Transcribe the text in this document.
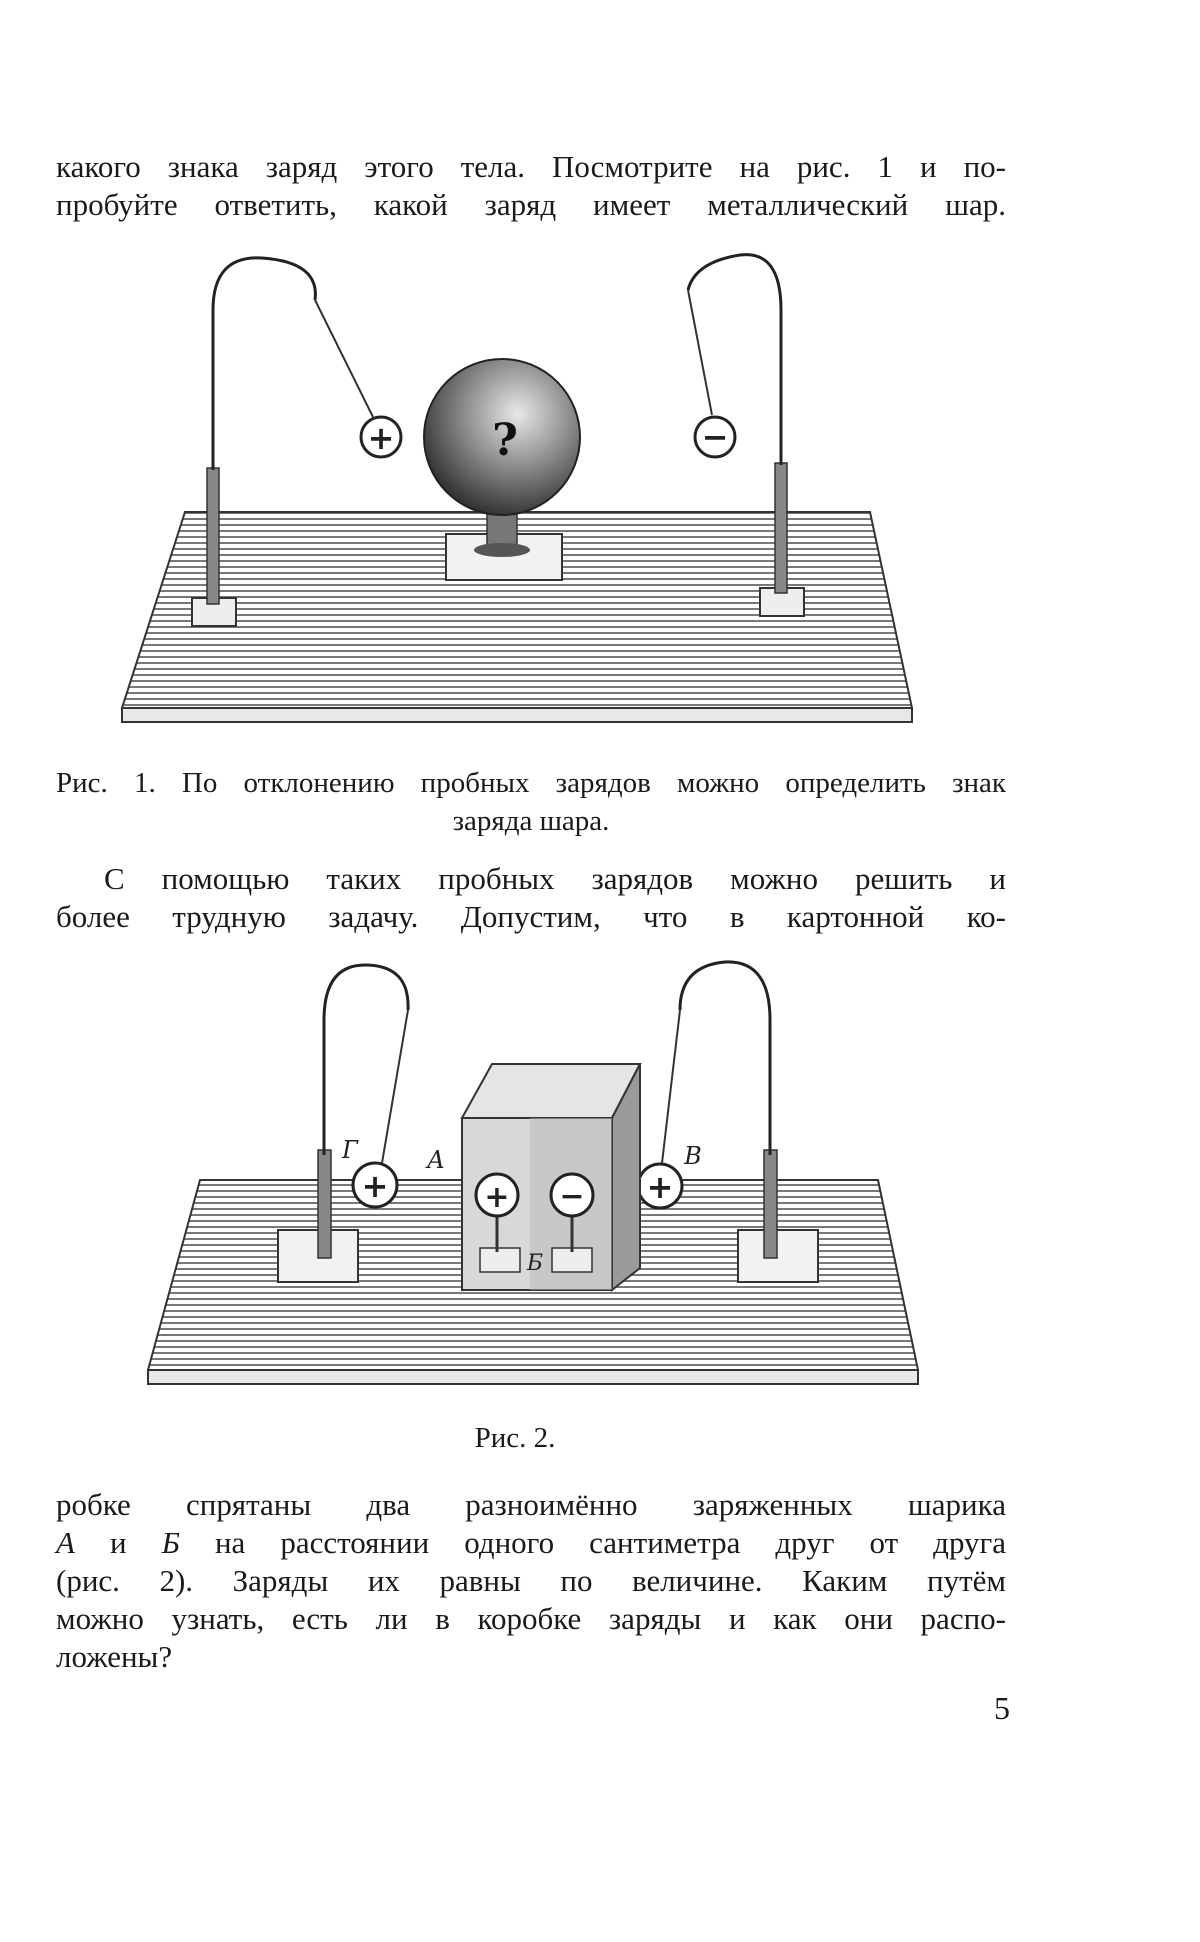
какого знака заряд этого тела. Посмотрите на рис. 1 и по-
пробуйте ответить, какой заряд имеет металлический шар.
+	−
?
Рис. 1. По отклонению пробных зарядов можно определить знак
заряда шара.
С помощью таких пробных зарядов можно решить и
более трудную задачу. Допустим, что в картонной ко-
+
Г
+
В
+ −
А
Б
Рис. 2.
робке спрятаны два разноимённо заряженных шарика
А и Б на расстоянии одного сантиметра друг от друга
(рис. 2). Заряды их равны по величине. Каким путём
можно узнать, есть ли в коробке заряды и как они распо-
ложены?
5
